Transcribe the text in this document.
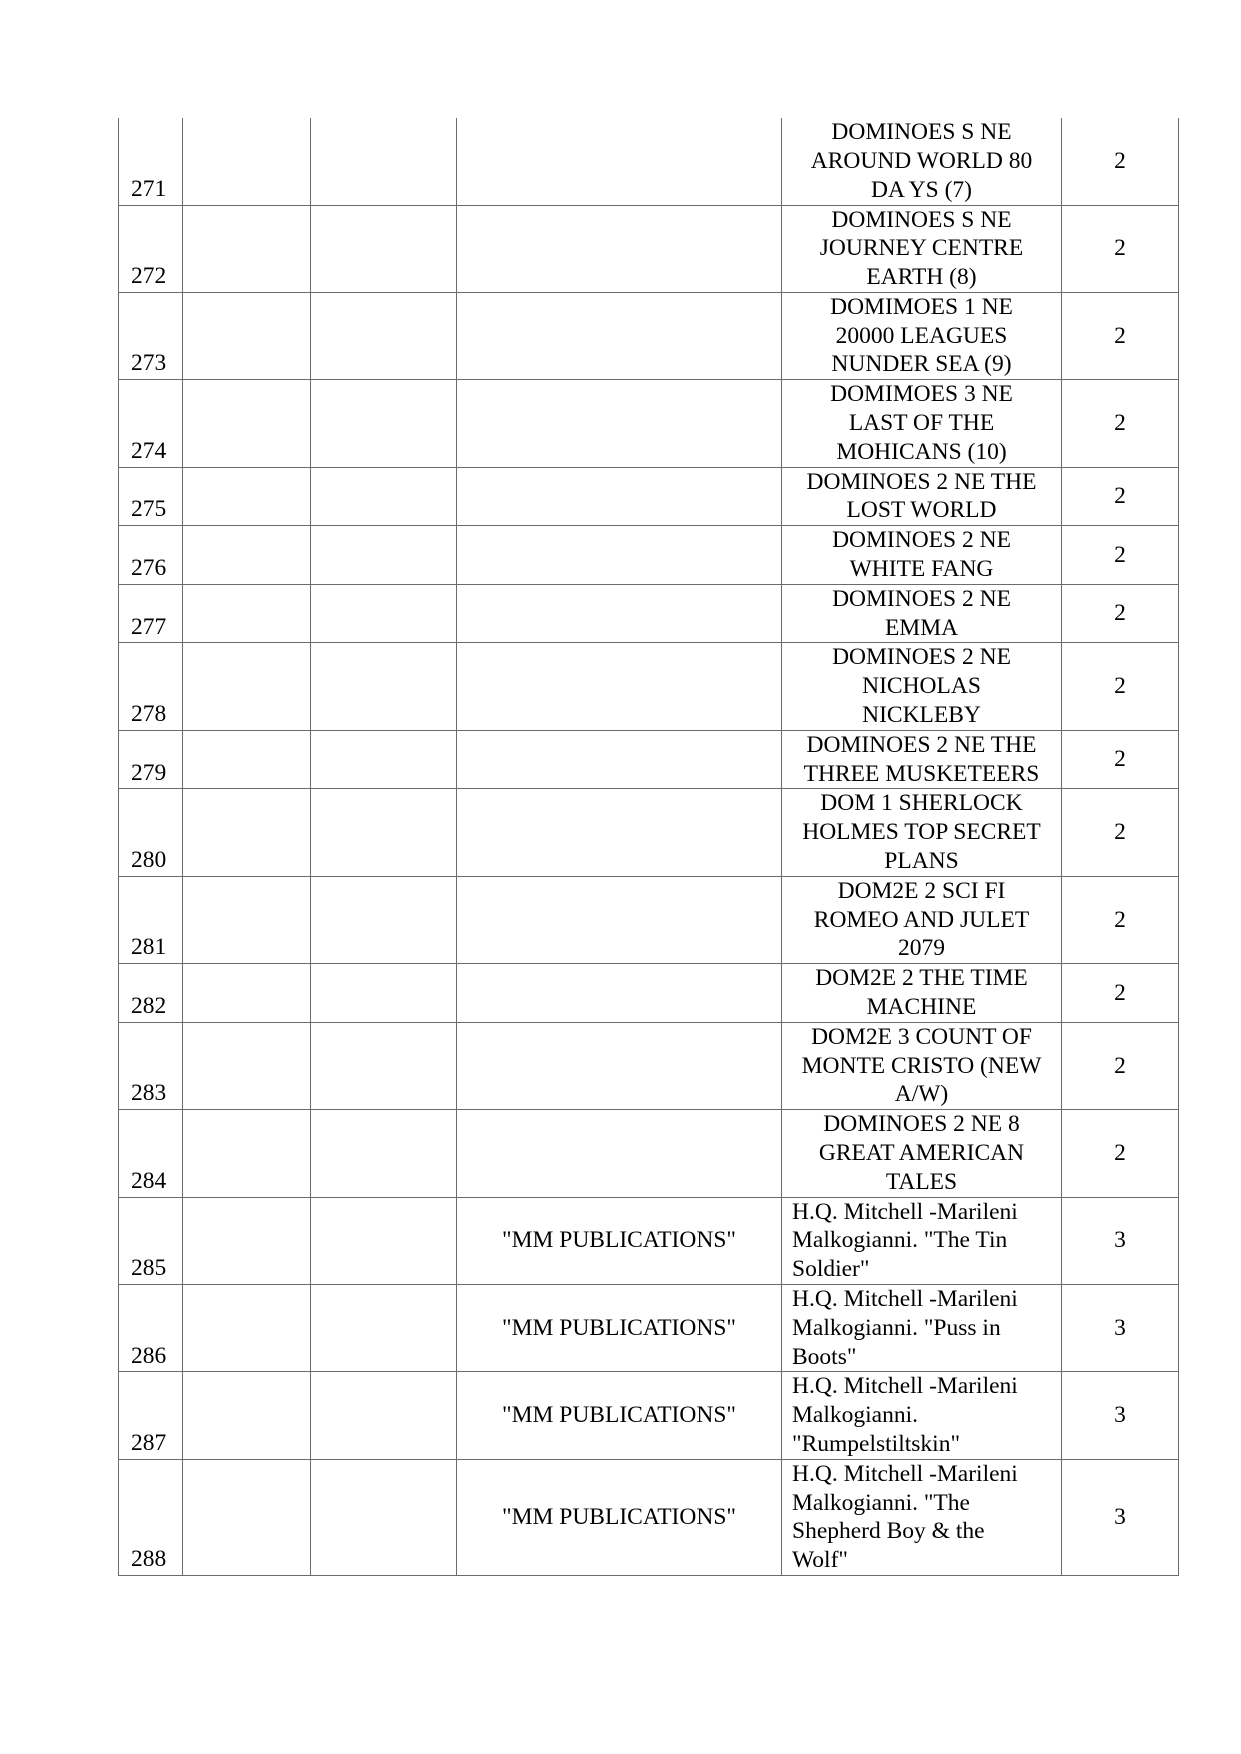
271				DOMINOES S NE
AROUND WORLD 80
DA YS (7)	2
272				DOMINOES S NE
JOURNEY CENTRE
EARTH (8)	2
273				DOMIMOES 1 NE
20000 LEAGUES
NUNDER SEA (9)	2
274				DOMIMOES 3 NE
LAST OF THE
MOHICANS (10)	2
275				DOMINOES 2 NE THE
LOST WORLD	2
276				DOMINOES 2 NE
WHITE FANG	2
277				DOMINOES 2 NE
EMMA	2
278				DOMINOES 2 NE
NICHOLAS
NICKLEBY	2
279				DOMINOES 2 NE THE
THREE MUSKETEERS	2
280				DOM 1 SHERLOCK
HOLMES TOP SECRET
PLANS	2
281				DOM2E 2 SCI FI
ROMEO AND JULET
2079	2
282				DOM2E 2 THE TIME
MACHINE	2
283				DOM2E 3 COUNT OF
MONTE CRISTO (NEW
A/W)	2
284				DOMINOES 2 NE 8
GREAT AMERICAN
TALES	2
285			"MM PUBLICATIONS"	H.Q. Mitchell -Marileni
Malkogianni. "The Tin
Soldier"	3
286			"MM PUBLICATIONS"	H.Q. Mitchell -Marileni
Malkogianni. "Puss in
Boots"	3
287			"MM PUBLICATIONS"	H.Q. Mitchell -Marileni
Malkogianni.
"Rumpelstiltskin"	3
288			"MM PUBLICATIONS"	H.Q. Mitchell -Marileni
Malkogianni. "The
Shepherd Boy & the
Wolf"	3
